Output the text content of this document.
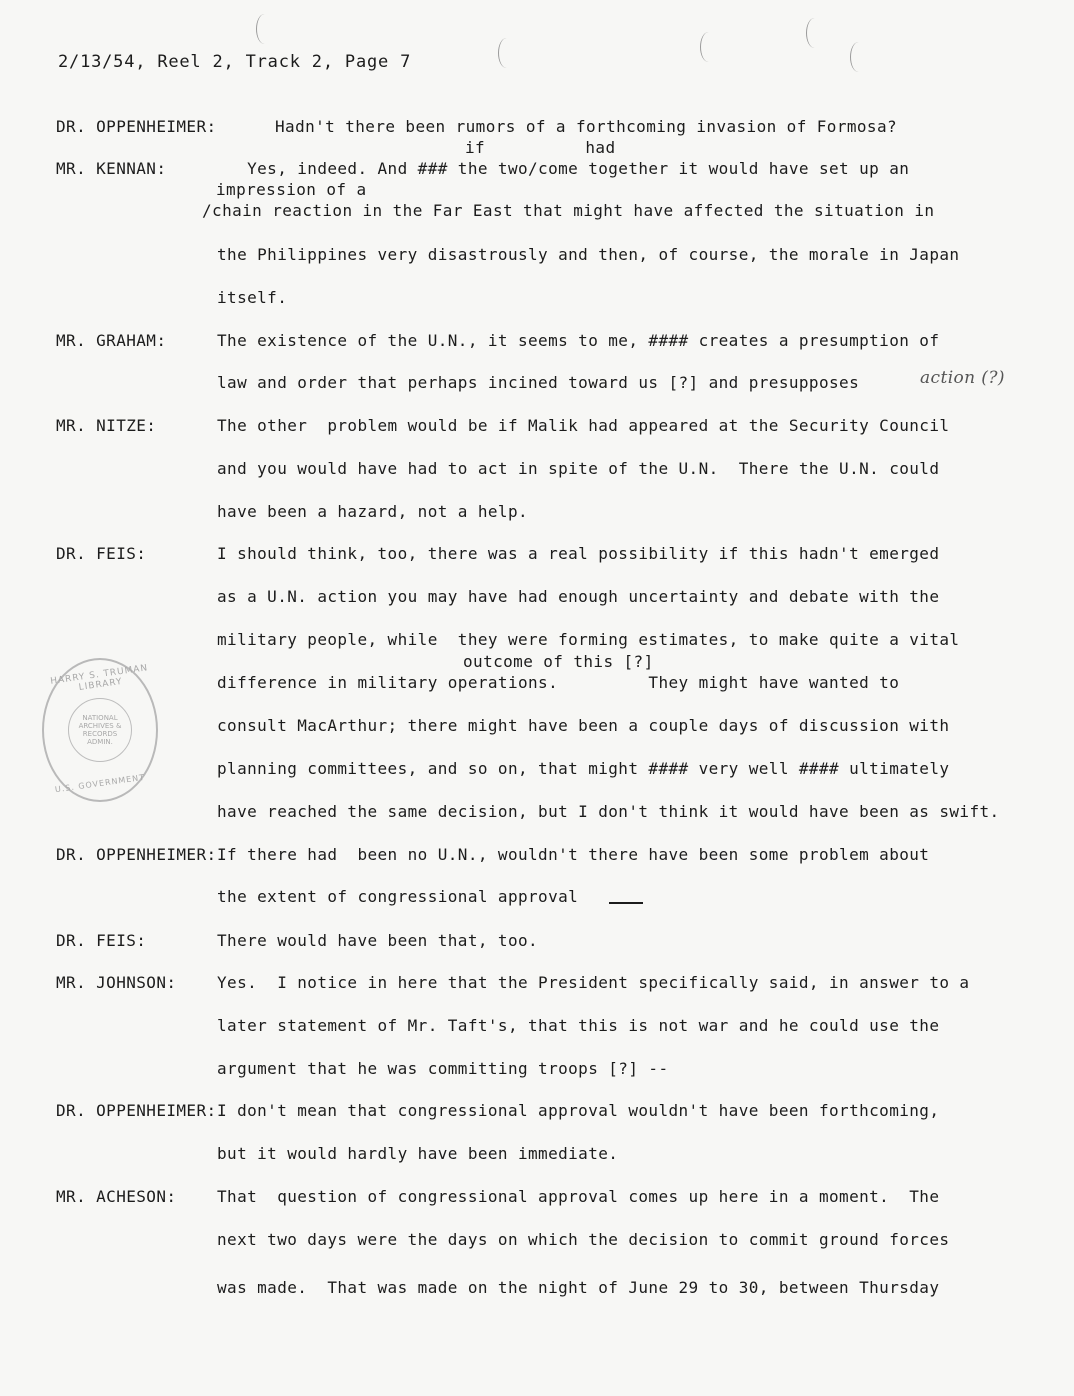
2/13/54, Reel 2, Track 2, Page 7
DR. OPPENHEIMER:	Hadn't there been rumors of a forthcoming invasion of Formosa?
if          had
MR. KENNAN:	Yes, indeed. And ### the two/come together it would have set up an
impression of a
/chain reaction in the Far East that might have affected the situation in
the Philippines very disastrously and then, of course, the morale in Japan
itself.
MR. GRAHAM:	The existence of the U.N., it seems to me, #### creates a presumption of
law and order that perhaps incined toward us [?] and presupposes	action (?)
MR. NITZE:	The other  problem would be if Malik had appeared at the Security Council
and you would have had to act in spite of the U.N.  There the U.N. could
have been a hazard, not a help.
DR. FEIS:	I should think, too, there was a real possibility if this hadn't emerged
as a U.N. action you may have had enough uncertainty and debate with the
military people, while  they were forming estimates, to make quite a vital
outcome of this [?]
difference in military operations.         They might have wanted to
consult MacArthur; there might have been a couple days of discussion with
planning committees, and so on, that might #### very well #### ultimately
have reached the same decision, but I don't think it would have been as swift.
DR. OPPENHEIMER: If there had  been no U.N., wouldn't there have been some problem about
the extent of congressional approval
DR. FEIS:	There would have been that, too.
MR. JOHNSON:	Yes.  I notice in here that the President specifically said, in answer to a
later statement of Mr. Taft's, that this is not war and he could use the
argument that he was committing troops [?] --
DR. OPPENHEIMER: I don't mean that congressional approval wouldn't have been forthcoming,
but it would hardly have been immediate.
MR. ACHESON:	That  question of congressional approval comes up here in a moment.  The
next two days were the days on which the decision to commit ground forces
was made.  That was made on the night of June 29 to 30, between Thursday
HARRY S. TRUMAN LIBRARY
NATIONAL
ARCHIVES &
RECORDS
ADMIN.
U.S. GOVERNMENT
